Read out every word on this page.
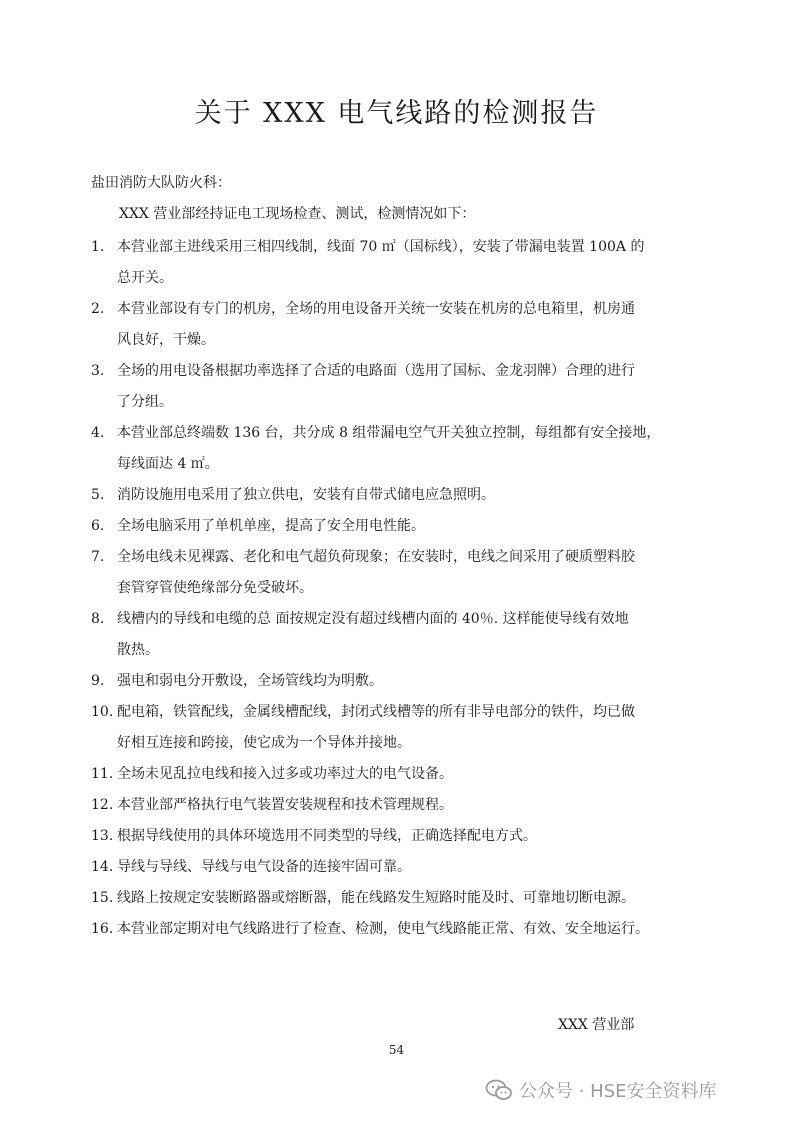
关于 XXX 电气线路的检测报告
盐田消防大队防火科：
XXX 营业部经持证电工现场检查、测试，检测情况如下：
1. 本营业部主进线采用三相四线制，线面 70 ㎡（国标线），安装了带漏电装置 100A 的
总开关。
2. 本营业部设有专门的机房，全场的用电设备开关统一安装在机房的总电箱里，机房通
风良好，干燥。
3. 全场的用电设备根据功率选择了合适的电路面（选用了国标、金龙羽牌）合理的进行
了分组。
4. 本营业部总终端数 136 台，共分成 8 组带漏电空气开关独立控制，每组都有安全接地，
每线面达 4 ㎡。
5. 消防设施用电采用了独立供电，安装有自带式储电应急照明。
6. 全场电脑采用了单机单座，提高了安全用电性能。
7. 全场电线未见裸露、老化和电气超负荷现象；在安装时，电线之间采用了硬质塑料胶
套管穿管使绝缘部分免受破坏。
8. 线槽内的导线和电缆的总 面按规定没有超过线槽内面的 40％. 这样能使导线有效地
散热。
9. 强电和弱电分开敷设，全场管线均为明敷。
10. 配电箱，铁管配线，金属线槽配线，封闭式线槽等的所有非导电部分的铁件，均已做
好相互连接和跨接，使它成为一个导体并接地。
11. 全场未见乱拉电线和接入过多或功率过大的电气设备。
12. 本营业部严格执行电气装置安装规程和技术管理规程。
13. 根据导线使用的具体环境选用不同类型的导线，正确选择配电方式。
14. 导线与导线、导线与电气设备的连接牢固可靠。
15. 线路上按规定安装断路器或熔断器，能在线路发生短路时能及时、可靠地切断电源。
16. 本营业部定期对电气线路进行了检查、检测，使电气线路能正常、有效、安全地运行。
XXX 营业部
54
公众号 · HSE安全资料库
